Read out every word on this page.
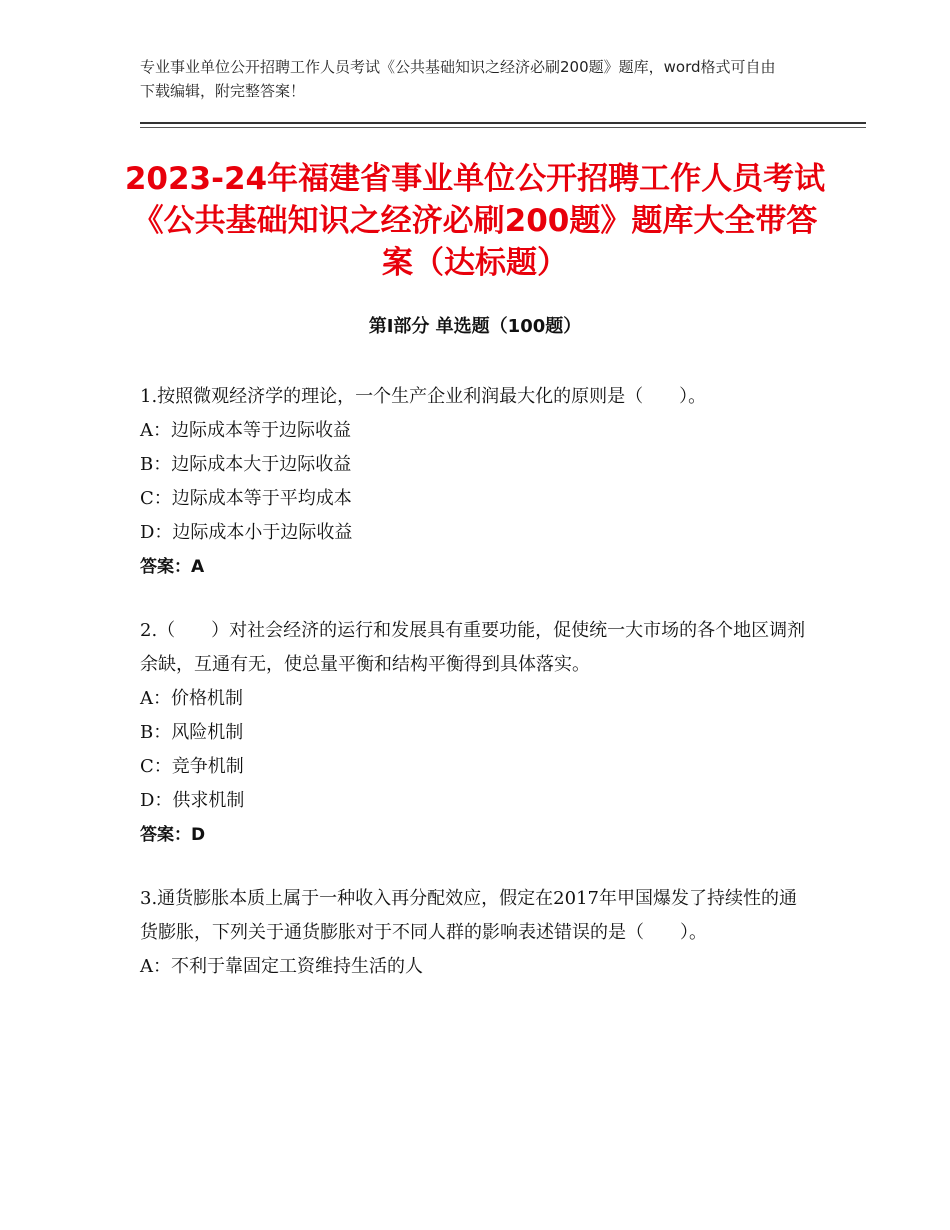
专业事业单位公开招聘工作人员考试《公共基础知识之经济必刷200题》题库，word格式可自由下载编辑，附完整答案！
2023-24年福建省事业单位公开招聘工作人员考试《公共基础知识之经济必刷200题》题库大全带答案（达标题）
第Ⅰ部分 单选题（100题）

1.按照微观经济学的理论，一个生产企业利润最大化的原则是（　　）。

A：边际成本等于边际收益

B：边际成本大于边际收益

C：边际成本等于平均成本

D：边际成本小于边际收益

答案：A

2.（　　）对社会经济的运行和发展具有重要功能，促使统一大市场的各个地区调剂余缺，互通有无，使总量平衡和结构平衡得到具体落实。

A：价格机制

B：风险机制

C：竞争机制

D：供求机制

答案：D

3.通货膨胀本质上属于一种收入再分配效应，假定在2017年甲国爆发了持续性的通货膨胀，下列关于通货膨胀对于不同人群的影响表述错误的是（　　）。

A：不利于靠固定工资维持生活的人
